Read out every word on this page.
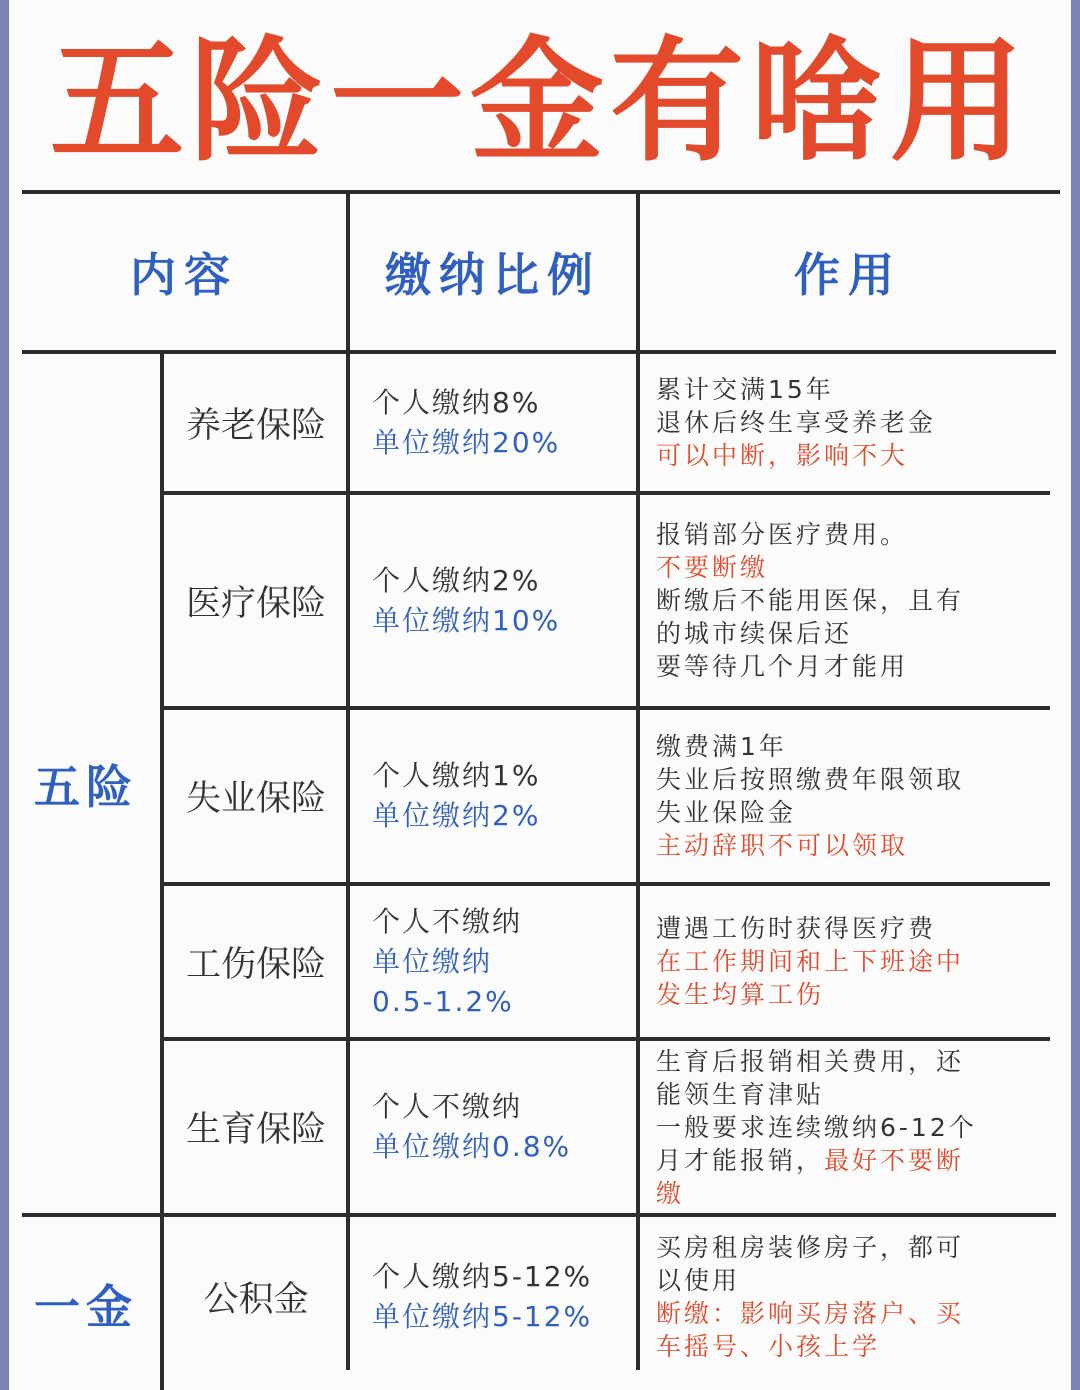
五险一金有啥用
内容	缴纳比例	作用
五险
一金
养老保险
个人缴纳8%
单位缴纳20%
累计交满15年
退休后终生享受养老金
可以中断，影响不大
医疗保险
个人缴纳2%
单位缴纳10%
报销部分医疗费用。
不要断缴
断缴后不能用医保，且有
的城市续保后还
要等待几个月才能用
失业保险
个人缴纳1%
单位缴纳2%
缴费满1年
失业后按照缴费年限领取
失业保险金
主动辞职不可以领取
工伤保险
个人不缴纳
单位缴纳
0.5-1.2%
遭遇工伤时获得医疗费
在工作期间和上下班途中
发生均算工伤
生育保险
个人不缴纳
单位缴纳0.8%
生育后报销相关费用，还
能领生育津贴
一般要求连续缴纳6-12个
月才能报销，最好不要断
缴
公积金
个人缴纳5-12%
单位缴纳5-12%
买房租房装修房子，都可
以使用
断缴：影响买房落户、买
车摇号、小孩上学
